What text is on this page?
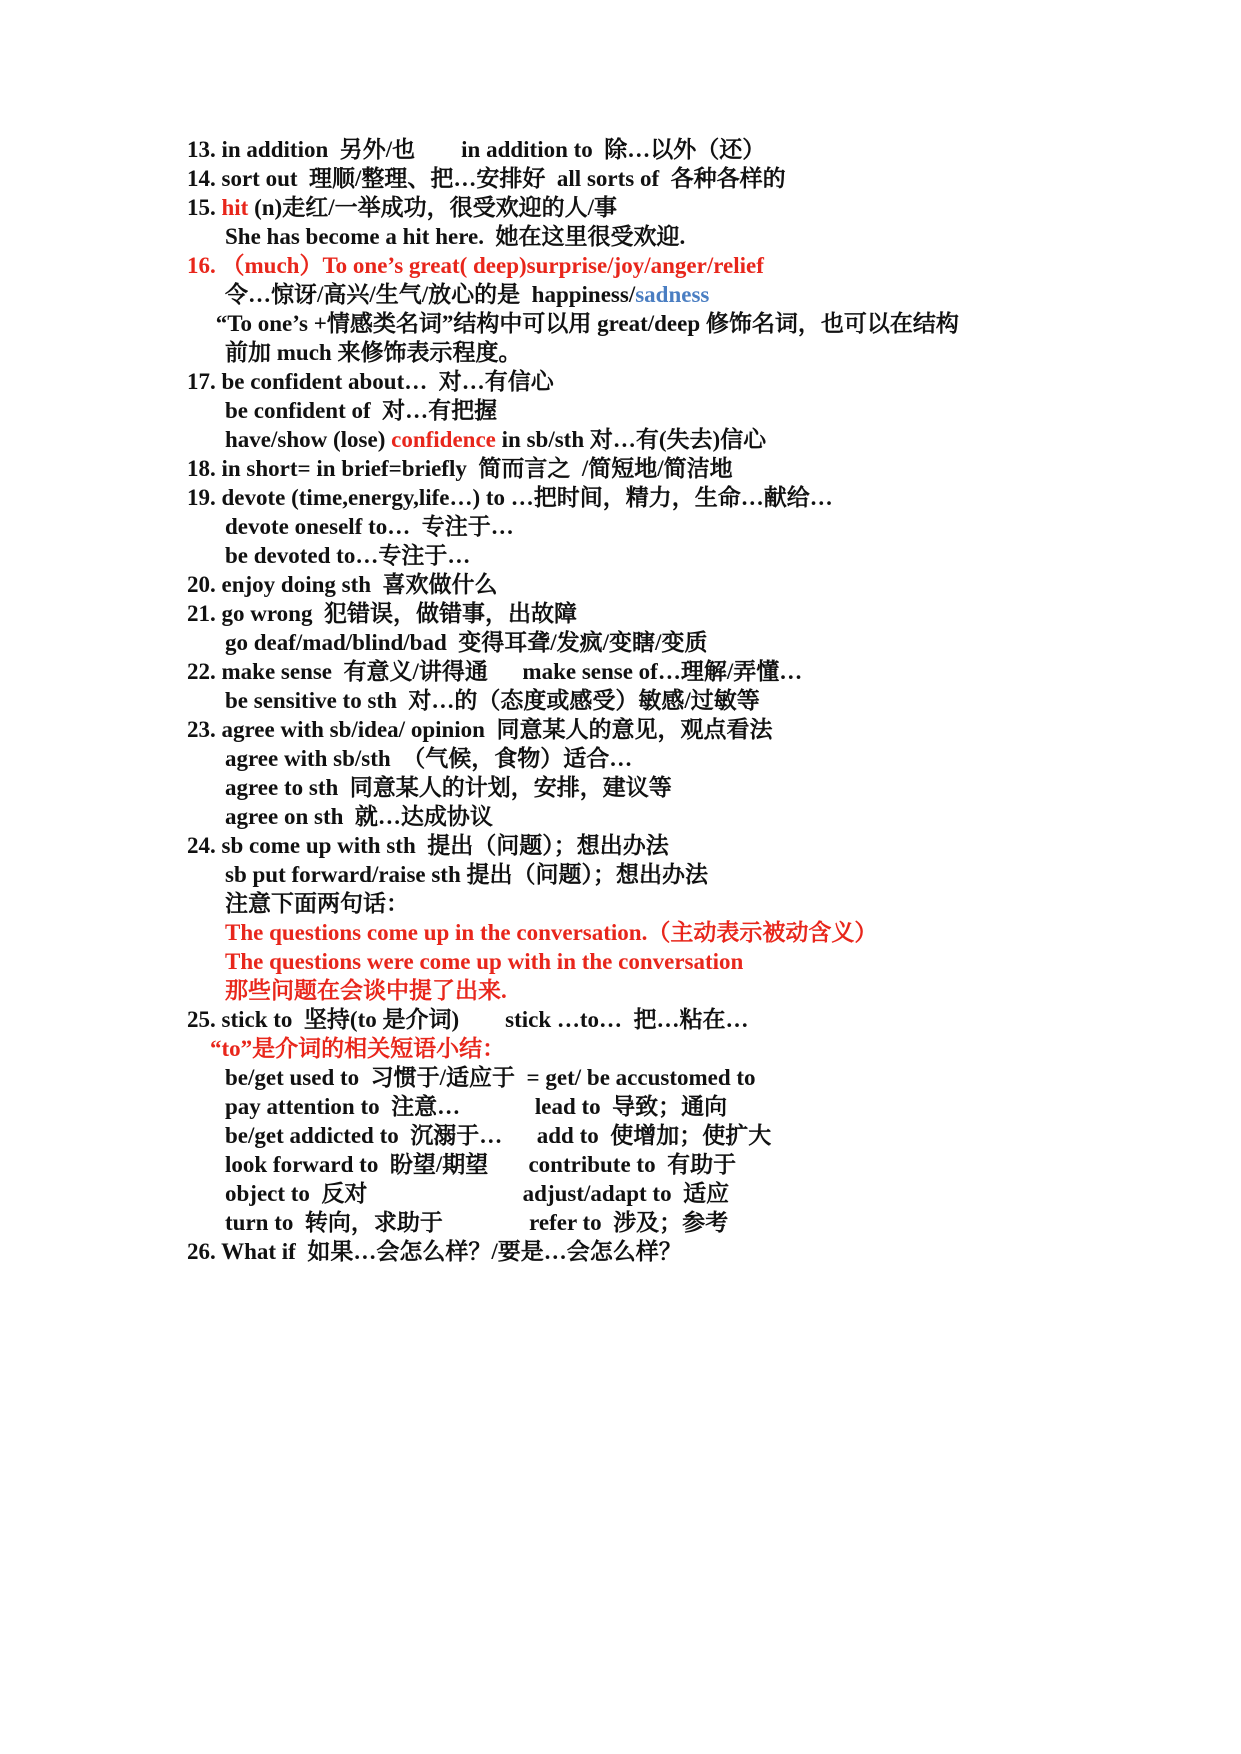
13. in addition  另外/也        in addition to  除…以外（还）
14. sort out  理顺/整理、把…安排好  all sorts of  各种各样的
15. hit (n)走红/一举成功，很受欢迎的人/事
She has become a hit here.  她在这里很受欢迎.
16. （much）To one’s great( deep)surprise/joy/anger/relief
令…惊讶/高兴/生气/放心的是  happiness/sadness
“To one’s +情感类名词”结构中可以用 great/deep 修饰名词，也可以在结构
前加 much 来修饰表示程度。
17. be confident about…  对…有信心
be confident of  对…有把握
have/show (lose) confidence in sb/sth 对…有(失去)信心
18. in short= in brief=briefly  简而言之  /简短地/简洁地
19. devote (time,energy,life…) to …把时间，精力，生命…献给…
devote oneself to…  专注于…
be devoted to…专注于…
20. enjoy doing sth  喜欢做什么
21. go wrong  犯错误，做错事，出故障
go deaf/mad/blind/bad  变得耳聋/发疯/变瞎/变质
22. make sense  有意义/讲得通      make sense of…理解/弄懂…
be sensitive to sth  对…的（态度或感受）敏感/过敏等
23. agree with sb/idea/ opinion  同意某人的意见，观点看法
agree with sb/sth  （气候，食物）适合…
agree to sth  同意某人的计划，安排，建议等
agree on sth  就…达成协议
24. sb come up with sth  提出（问题）；想出办法
sb put forward/raise sth 提出（问题）；想出办法
注意下面两句话：
The questions come up in the conversation.（主动表示被动含义）
The questions were come up with in the conversation
那些问题在会谈中提了出来.
25. stick to  坚持(to 是介词)        stick …to…  把…粘在…
“to”是介词的相关短语小结：
be/get used to  习惯于/适应于  = get/ be accustomed to
pay attention to  注意…             lead to  导致；通向
be/get addicted to  沉溺于…      add to  使增加；使扩大
look forward to  盼望/期望       contribute to  有助于
object to  反对                           adjust/adapt to  适应
turn to  转向，求助于               refer to  涉及；参考
26. What if  如果…会怎么样？/要是…会怎么样？
